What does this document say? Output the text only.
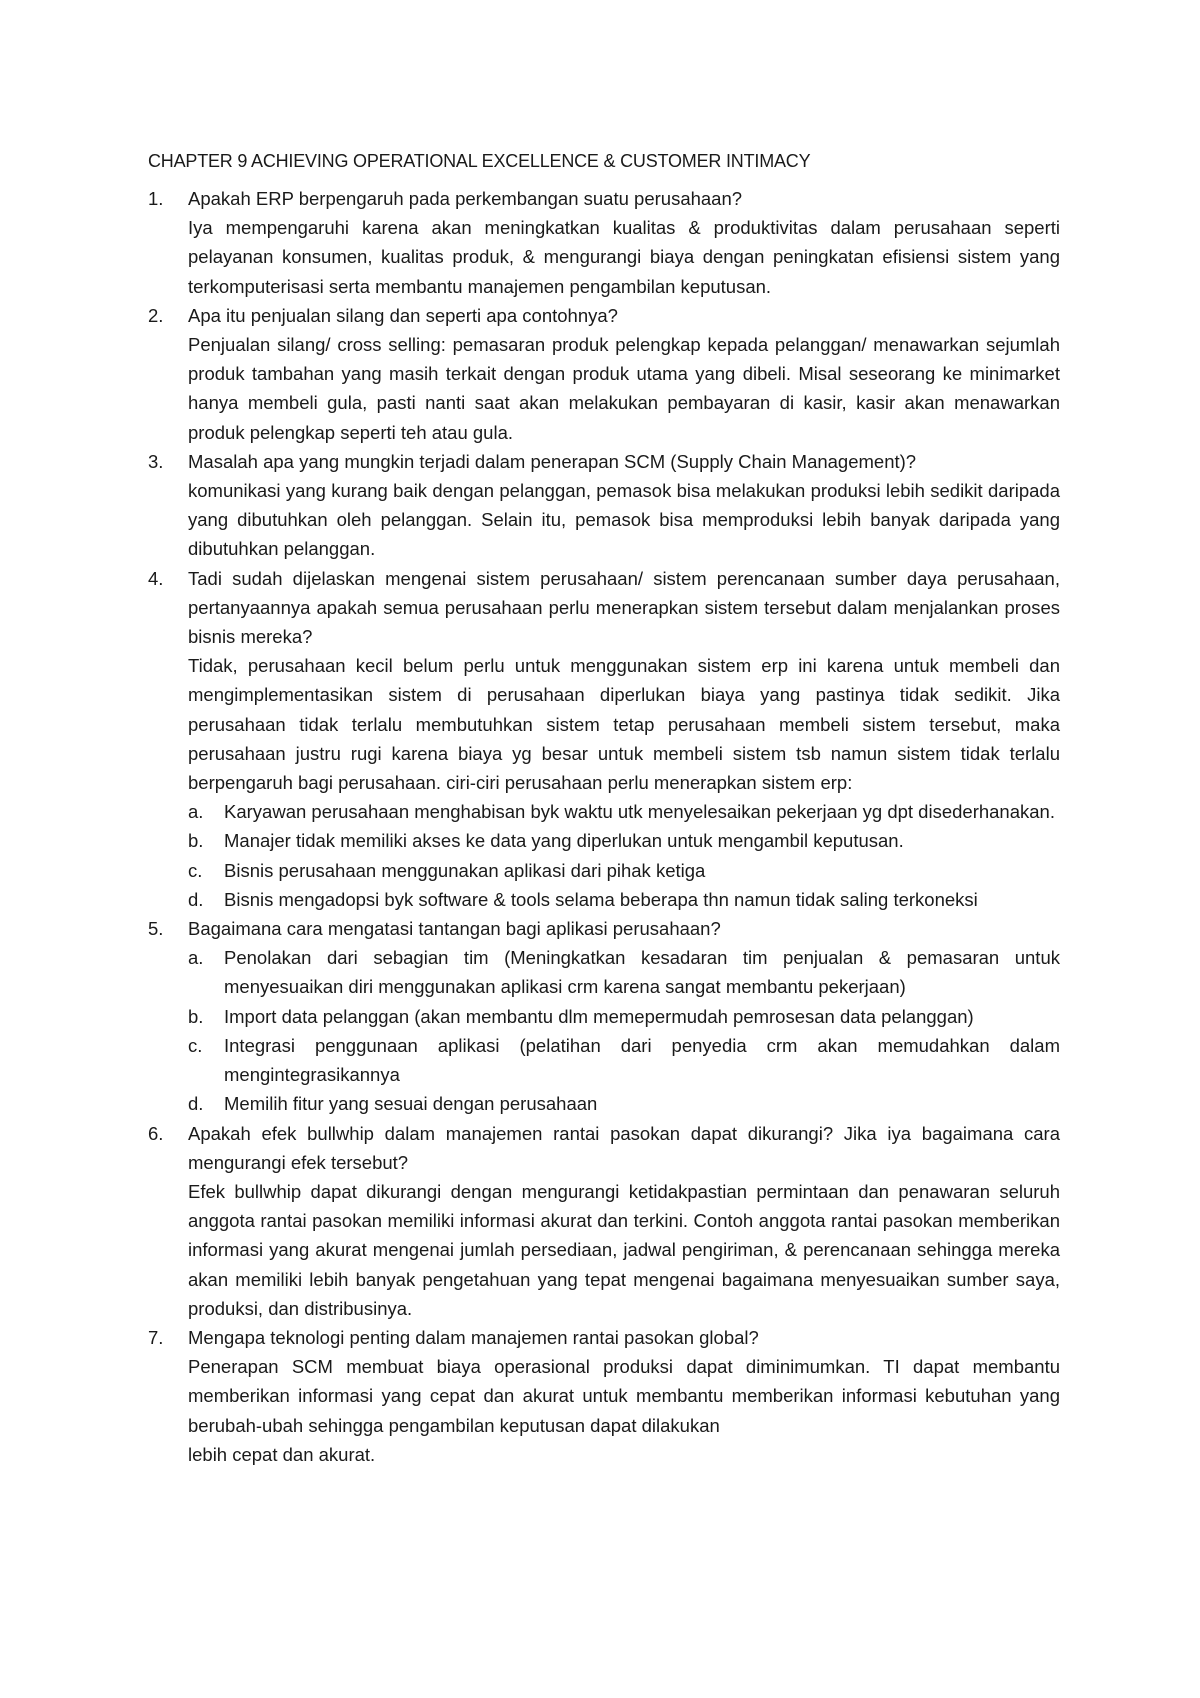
CHAPTER 9 ACHIEVING OPERATIONAL EXCELLENCE & CUSTOMER INTIMACY
1.	Apakah ERP berpengaruh pada perkembangan suatu perusahaan?
Iya mempengaruhi karena akan meningkatkan kualitas & produktivitas dalam perusahaan seperti pelayanan konsumen, kualitas produk, & mengurangi biaya dengan peningkatan efisiensi sistem yang terkomputerisasi serta membantu manajemen pengambilan keputusan.
2.	Apa itu penjualan silang dan seperti apa contohnya?
Penjualan silang/ cross selling: pemasaran produk pelengkap kepada pelanggan/ menawarkan sejumlah produk tambahan yang masih terkait dengan produk utama yang dibeli. Misal seseorang ke minimarket hanya membeli gula, pasti nanti saat akan melakukan pembayaran di kasir, kasir akan menawarkan produk pelengkap seperti teh atau gula.
3.	Masalah apa yang mungkin terjadi dalam penerapan SCM (Supply Chain Management)?
komunikasi yang kurang baik dengan pelanggan, pemasok bisa melakukan produksi lebih sedikit daripada yang dibutuhkan oleh pelanggan. Selain itu, pemasok bisa memproduksi lebih banyak daripada yang dibutuhkan pelanggan.
4.	Tadi sudah dijelaskan mengenai sistem perusahaan/ sistem perencanaan sumber daya perusahaan, pertanyaannya apakah semua perusahaan perlu menerapkan sistem tersebut dalam menjalankan proses bisnis mereka?
Tidak, perusahaan kecil belum perlu untuk menggunakan sistem erp ini karena untuk membeli dan mengimplementasikan sistem di perusahaan diperlukan biaya yang pastinya tidak sedikit. Jika perusahaan tidak terlalu membutuhkan sistem tetap perusahaan membeli sistem tersebut, maka perusahaan justru rugi karena biaya yg besar untuk membeli sistem tsb namun sistem tidak terlalu berpengaruh bagi perusahaan. ciri-ciri perusahaan perlu menerapkan sistem erp:
a. Karyawan perusahaan menghabisan byk waktu utk menyelesaikan pekerjaan yg dpt disederhanakan.
b. Manajer tidak memiliki akses ke data yang diperlukan untuk mengambil keputusan.
c. Bisnis perusahaan menggunakan aplikasi dari pihak ketiga
d. Bisnis mengadopsi byk software & tools selama beberapa thn namun tidak saling terkoneksi
5.	Bagaimana cara mengatasi tantangan bagi aplikasi perusahaan?
a. Penolakan dari sebagian tim (Meningkatkan kesadaran tim penjualan & pemasaran untuk menyesuaikan diri menggunakan aplikasi crm karena sangat membantu pekerjaan)
b. Import data pelanggan (akan membantu dlm memepermudah pemrosesan data pelanggan)
c. Integrasi penggunaan aplikasi (pelatihan dari penyedia crm akan memudahkan dalam mengintegrasikannya
d. Memilih fitur yang sesuai dengan perusahaan
6.	Apakah efek bullwhip dalam manajemen rantai pasokan dapat dikurangi? Jika iya bagaimana cara mengurangi efek tersebut?
Efek bullwhip dapat dikurangi dengan mengurangi ketidakpastian permintaan dan penawaran seluruh anggota rantai pasokan memiliki informasi akurat dan terkini. Contoh anggota rantai pasokan memberikan informasi yang akurat mengenai jumlah persediaan, jadwal pengiriman, & perencanaan sehingga mereka akan memiliki lebih banyak pengetahuan yang tepat mengenai bagaimana menyesuaikan sumber saya, produksi, dan distribusinya.
7.	Mengapa teknologi penting dalam manajemen rantai pasokan global?
Penerapan SCM membuat biaya operasional produksi dapat diminimumkan. TI dapat membantu memberikan informasi yang cepat dan akurat untuk membantu memberikan informasi kebutuhan yang berubah-ubah sehingga pengambilan keputusan dapat dilakukan
lebih cepat dan akurat.
